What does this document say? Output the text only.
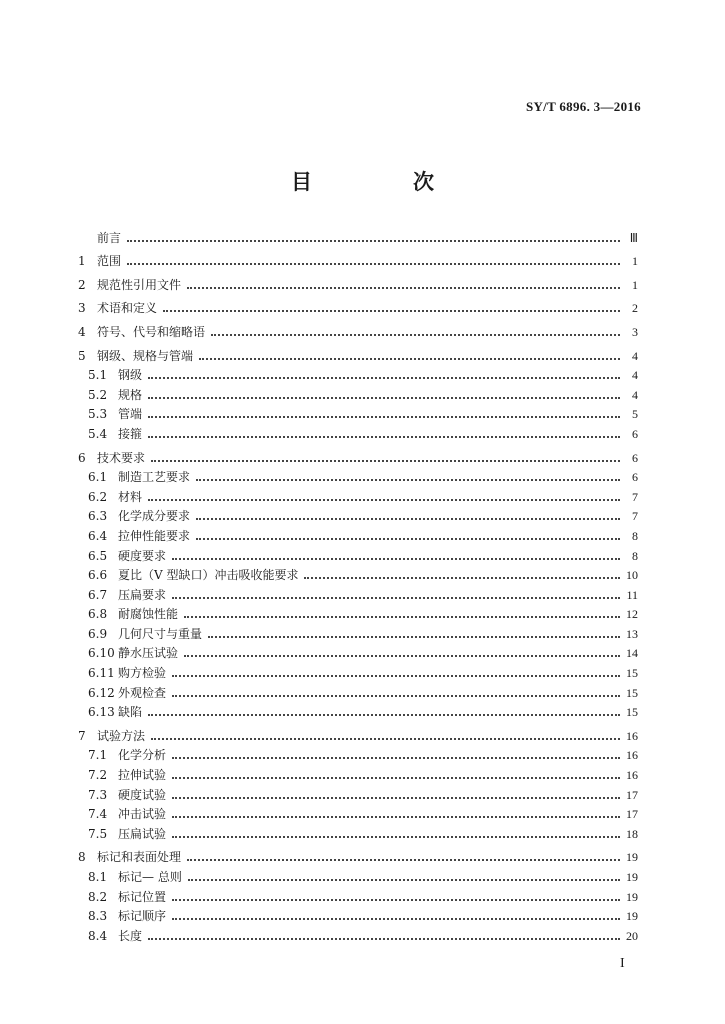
SY/T 6896. 3—2016
目　次
前言	Ⅲ
1 范围	1
2 规范性引用文件	1
3 术语和定义	2
4 符号、代号和缩略语	3
5 钢级、规格与管端	4
5.1 钢级	4
5.2 规格	4
5.3 管端	5
5.4 接箍	6
6 技术要求	6
6.1 制造工艺要求	6
6.2 材料	7
6.3 化学成分要求	7
6.4 拉伸性能要求	8
6.5 硬度要求	8
6.6 夏比（V 型缺口）冲击吸收能要求	10
6.7 压扁要求	11
6.8 耐腐蚀性能	12
6.9 几何尺寸与重量	13
6.10 静水压试验	14
6.11 购方检验	15
6.12 外观检查	15
6.13 缺陷	15
7 试验方法	16
7.1 化学分析	16
7.2 拉伸试验	16
7.3 硬度试验	17
7.4 冲击试验	17
7.5 压扁试验	18
8 标记和表面处理	19
8.1 标记— 总则	19
8.2 标记位置	19
8.3 标记顺序	19
8.4 长度	20
I
